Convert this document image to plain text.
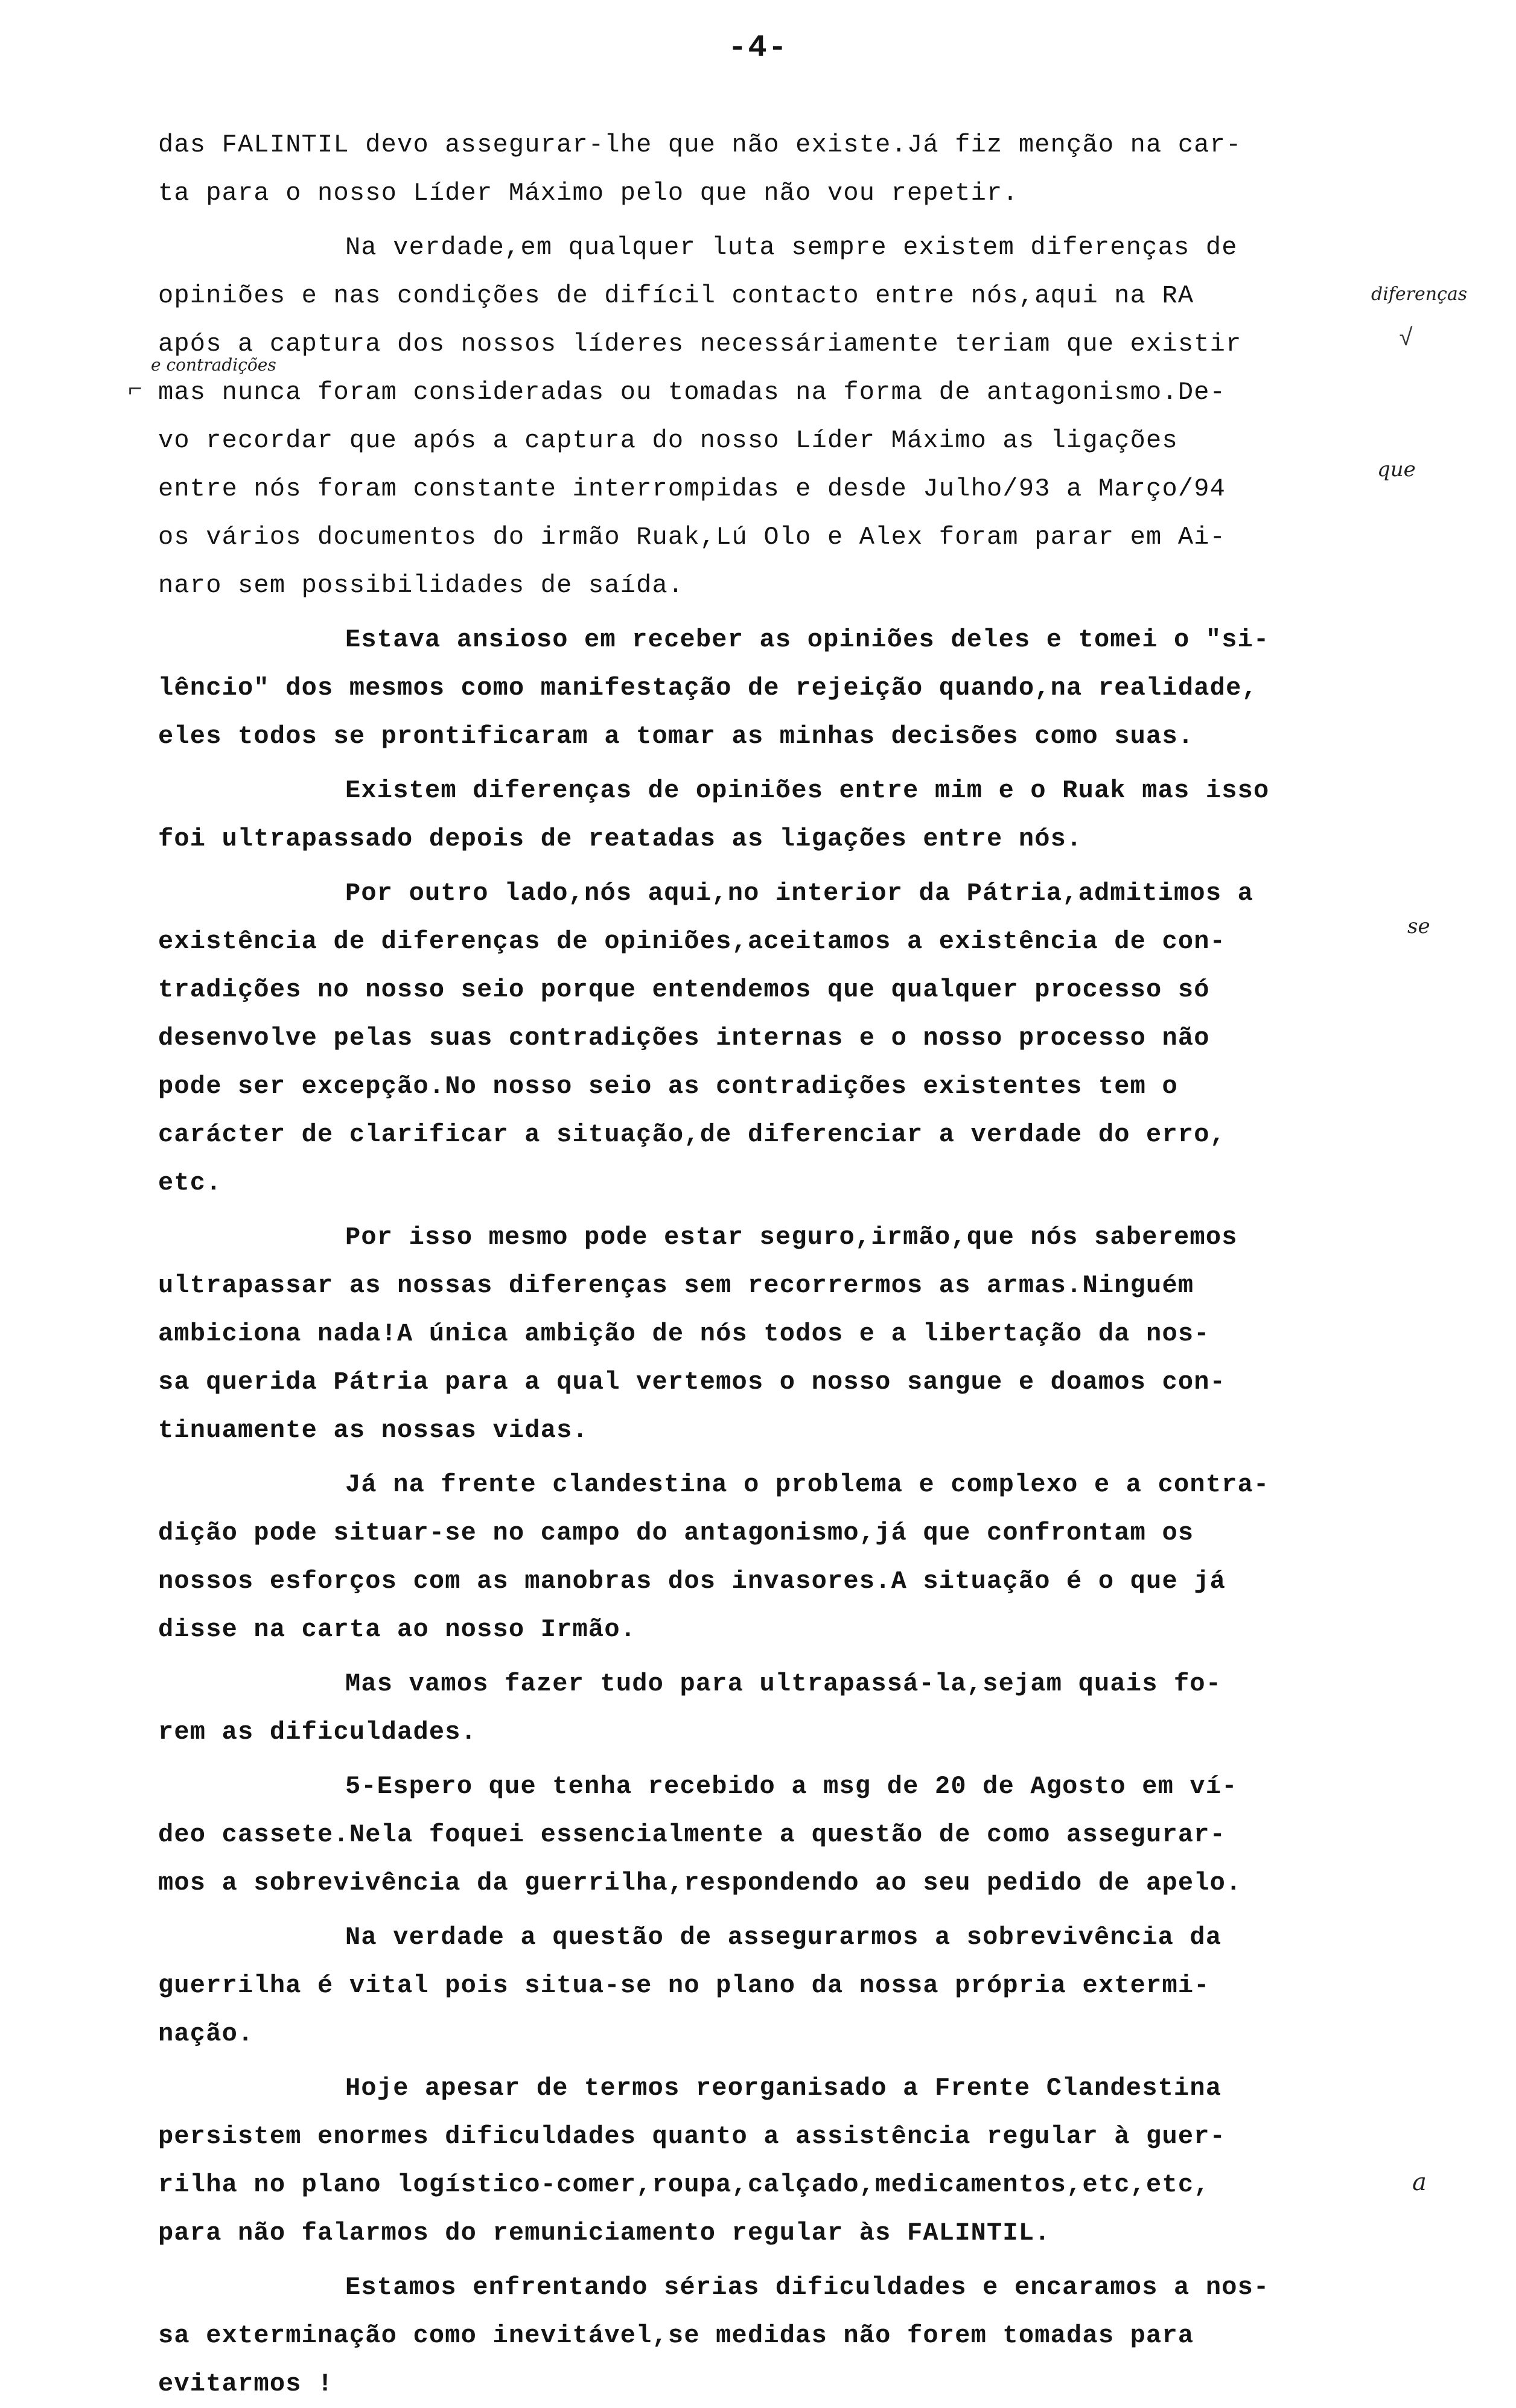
-4-
das FALINTIL devo assegurar-lhe que não existe.Já fiz menção na car-
ta para o nosso Líder Máximo pelo que não vou repetir.
Na verdade,em qualquer luta sempre existem diferenças de
opiniões e nas condições de difícil contacto entre nós,aqui na RA
após a captura dos nossos líderes necessáriamente teriam que existir
mas nunca foram consideradas ou tomadas na forma de antagonismo.De-
vo recordar que após a captura do nosso Líder Máximo as ligações
entre nós foram constante interrompidas e desde Julho/93 a Março/94
os vários documentos do irmão Ruak,Lú Olo e Alex foram parar em Ai-
naro sem possibilidades de saída.
Estava ansioso em receber as opiniões deles e tomei o "si-
lêncio" dos mesmos como manifestação de rejeição quando,na realidade,
eles todos se prontificaram a tomar as minhas decisões como suas.
Existem diferenças de opiniões entre mim e o Ruak mas isso
foi ultrapassado depois de reatadas as ligações entre nós.
Por outro lado,nós aqui,no interior da Pátria,admitimos a
existência de diferenças de opiniões,aceitamos a existência de con-
tradições no nosso seio porque entendemos que qualquer processo só
desenvolve pelas suas contradições internas e o nosso processo não
pode ser excepção.No nosso seio as contradições existentes tem o
carácter de clarificar a situação,de diferenciar a verdade do erro,
etc.
Por isso mesmo pode estar seguro,irmão,que nós saberemos
ultrapassar as nossas diferenças sem recorrermos as armas.Ninguém
ambiciona nada!A única ambição de nós todos e a libertação da nos-
sa querida Pátria para a qual vertemos o nosso sangue e doamos con-
tinuamente as nossas vidas.
Já na frente clandestina o problema e complexo e a contra-
dição pode situar-se no campo do antagonismo,já que confrontam os
nossos esforços com as manobras dos invasores.A situação é o que já
disse na carta ao nosso Irmão.
Mas vamos fazer tudo para ultrapassá-la,sejam quais fo-
rem as dificuldades.
5-Espero que tenha recebido a msg de 20 de Agosto em ví-
deo cassete.Nela foquei essencialmente a questão de como assegurar-
mos a sobrevivência da guerrilha,respondendo ao seu pedido de apelo.
Na verdade a questão de assegurarmos a sobrevivência da
guerrilha é vital pois situa-se no plano da nossa própria extermi-
nação.
Hoje apesar de termos reorganisado a Frente Clandestina
persistem enormes dificuldades quanto a assistência regular à guer-
rilha no plano logístico-comer,roupa,calçado,medicamentos,etc,etc,
para não falarmos do remuniciamento regular às FALINTIL.
Estamos enfrentando sérias dificuldades e encaramos a nos-
sa exterminação como inevitável,se medidas não forem tomadas para
evitarmos !
diferenças
e contradições
que
se
a
⌐
√
